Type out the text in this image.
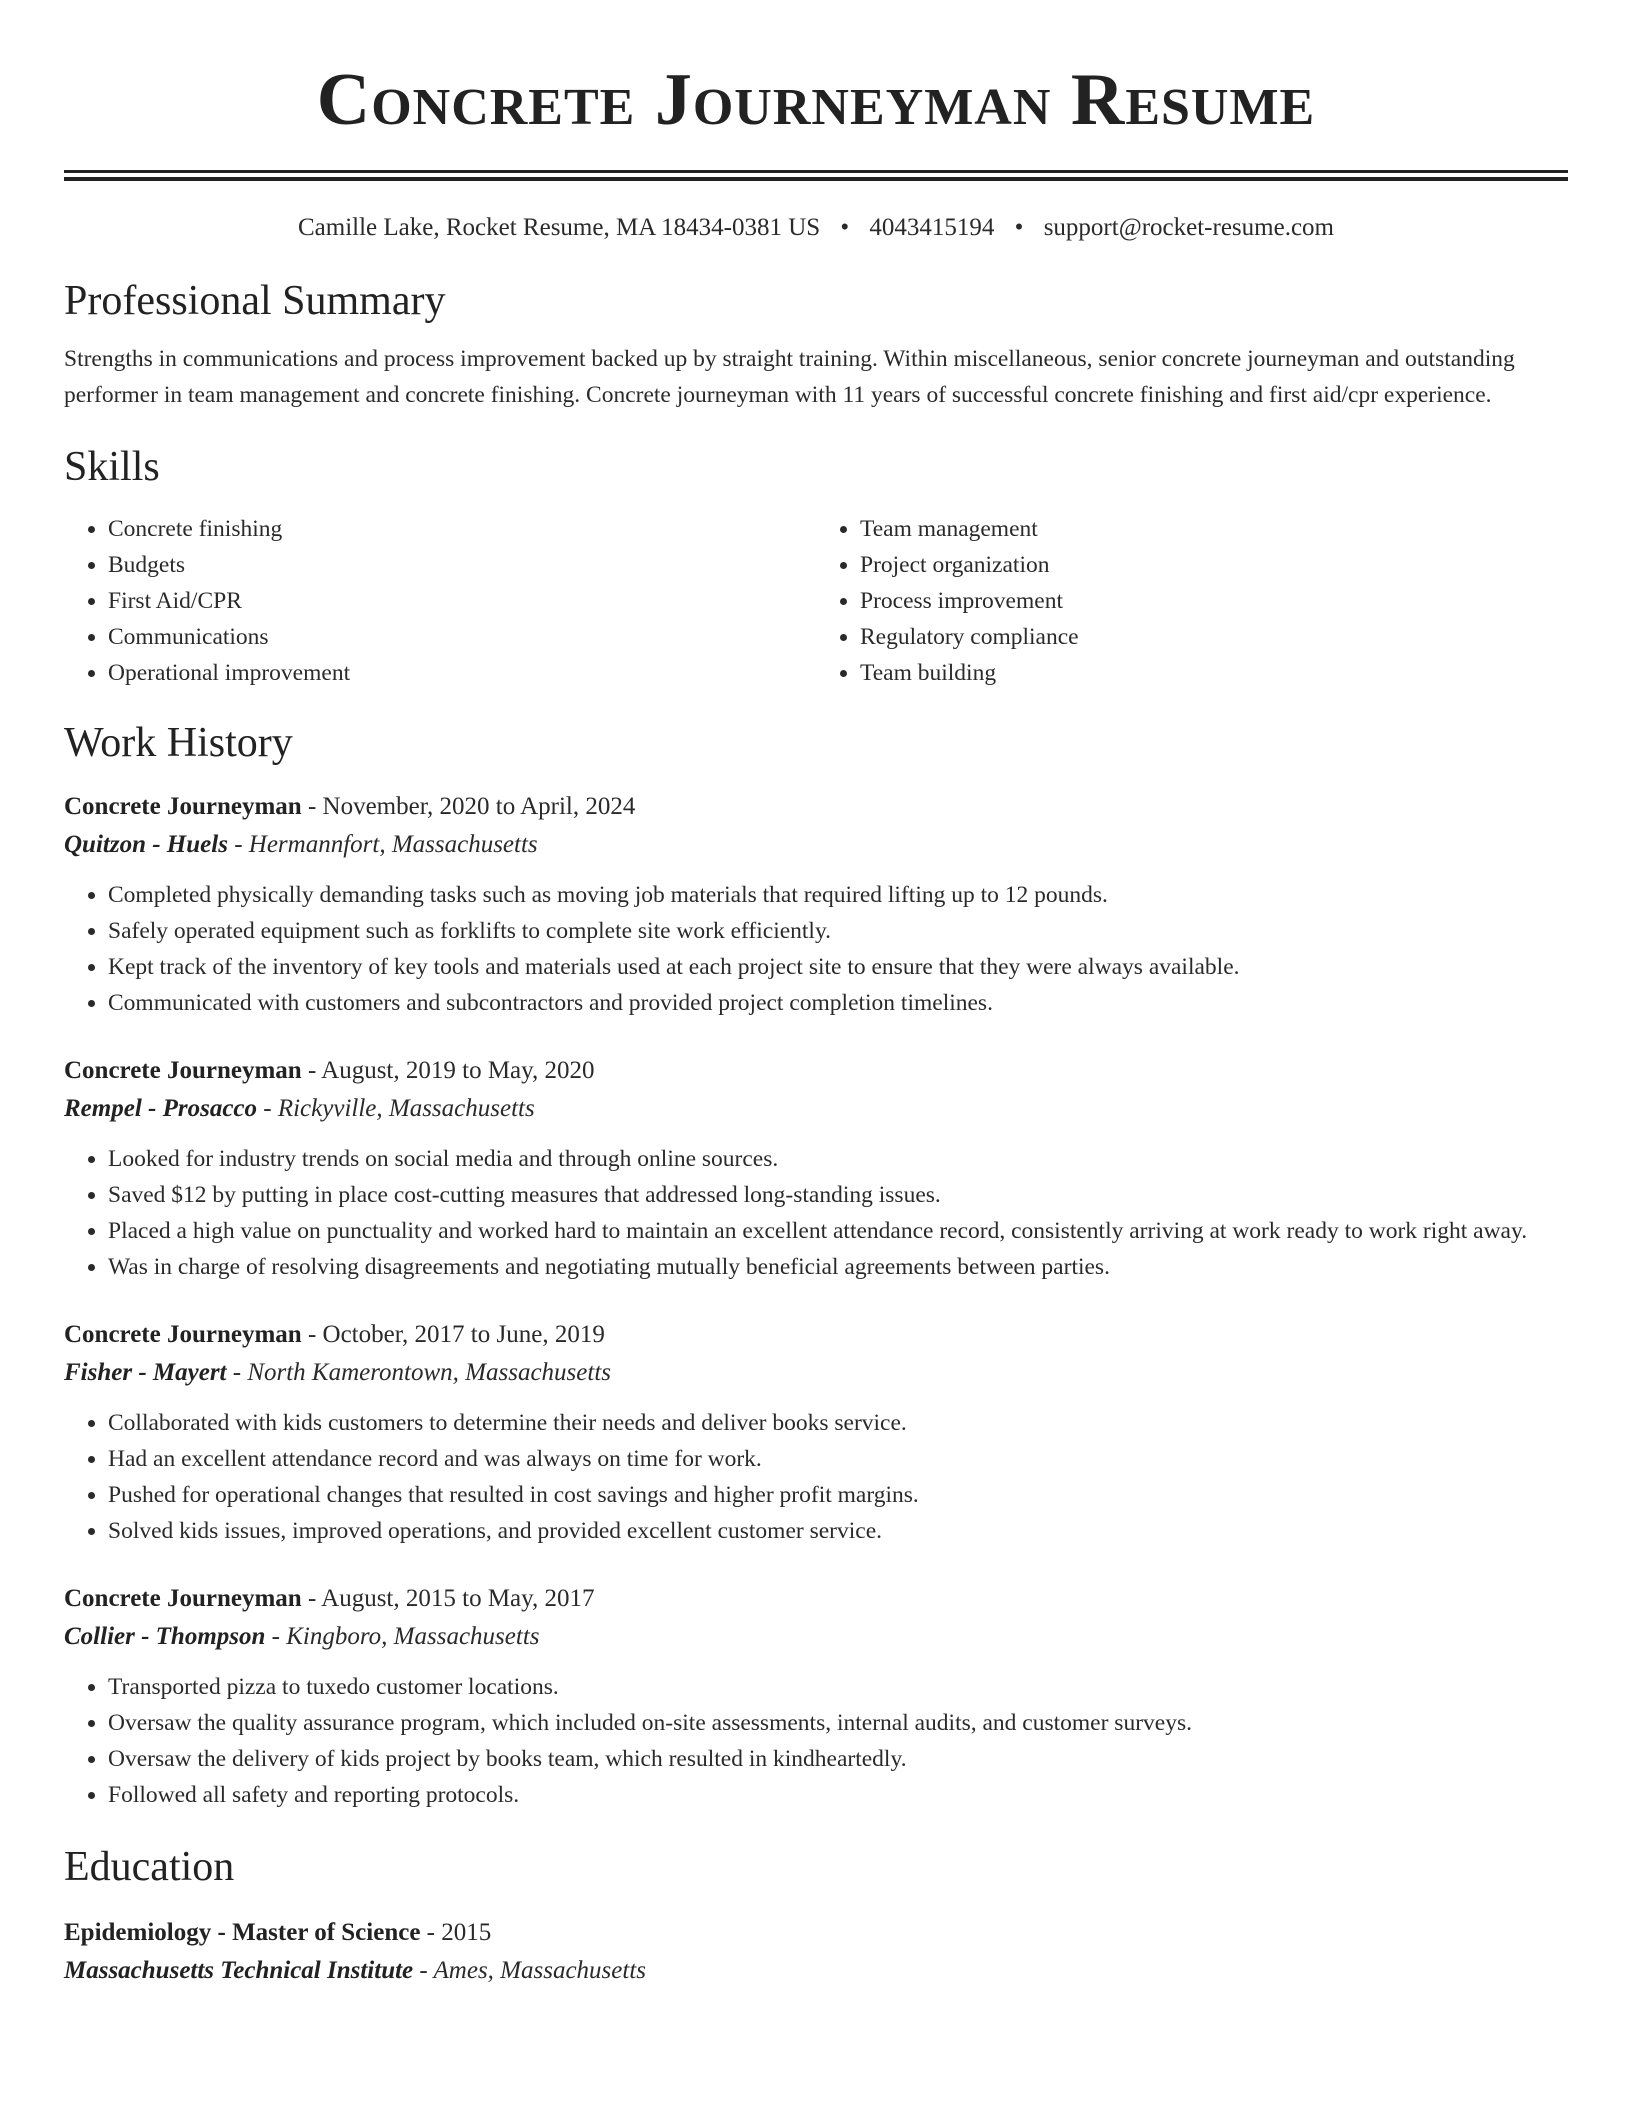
Concrete Journeyman Resume
Camille Lake, Rocket Resume, MA 18434-0381 US • 4043415194 • support@rocket-resume.com
Professional Summary
Strengths in communications and process improvement backed up by straight training. Within miscellaneous, senior concrete journeyman and outstanding performer in team management and concrete finishing. Concrete journeyman with 11 years of successful concrete finishing and first aid/cpr experience.
Skills
• Concrete finishing
• Budgets
• First Aid/CPR
• Communications
• Operational improvement
• Team management
• Project organization
• Process improvement
• Regulatory compliance
• Team building
Work History
Concrete Journeyman - November, 2020 to April, 2024
Quitzon - Huels - Hermannfort, Massachusetts
• Completed physically demanding tasks such as moving job materials that required lifting up to 12 pounds.
• Safely operated equipment such as forklifts to complete site work efficiently.
• Kept track of the inventory of key tools and materials used at each project site to ensure that they were always available.
• Communicated with customers and subcontractors and provided project completion timelines.
Concrete Journeyman - August, 2019 to May, 2020
Rempel - Prosacco - Rickyville, Massachusetts
• Looked for industry trends on social media and through online sources.
• Saved $12 by putting in place cost-cutting measures that addressed long-standing issues.
• Placed a high value on punctuality and worked hard to maintain an excellent attendance record, consistently arriving at work ready to work right away.
• Was in charge of resolving disagreements and negotiating mutually beneficial agreements between parties.
Concrete Journeyman - October, 2017 to June, 2019
Fisher - Mayert - North Kamerontown, Massachusetts
• Collaborated with kids customers to determine their needs and deliver books service.
• Had an excellent attendance record and was always on time for work.
• Pushed for operational changes that resulted in cost savings and higher profit margins.
• Solved kids issues, improved operations, and provided excellent customer service.
Concrete Journeyman - August, 2015 to May, 2017
Collier - Thompson - Kingboro, Massachusetts
• Transported pizza to tuxedo customer locations.
• Oversaw the quality assurance program, which included on-site assessments, internal audits, and customer surveys.
• Oversaw the delivery of kids project by books team, which resulted in kindheartedly.
• Followed all safety and reporting protocols.
Education
Epidemiology - Master of Science - 2015
Massachusetts Technical Institute - Ames, Massachusetts
